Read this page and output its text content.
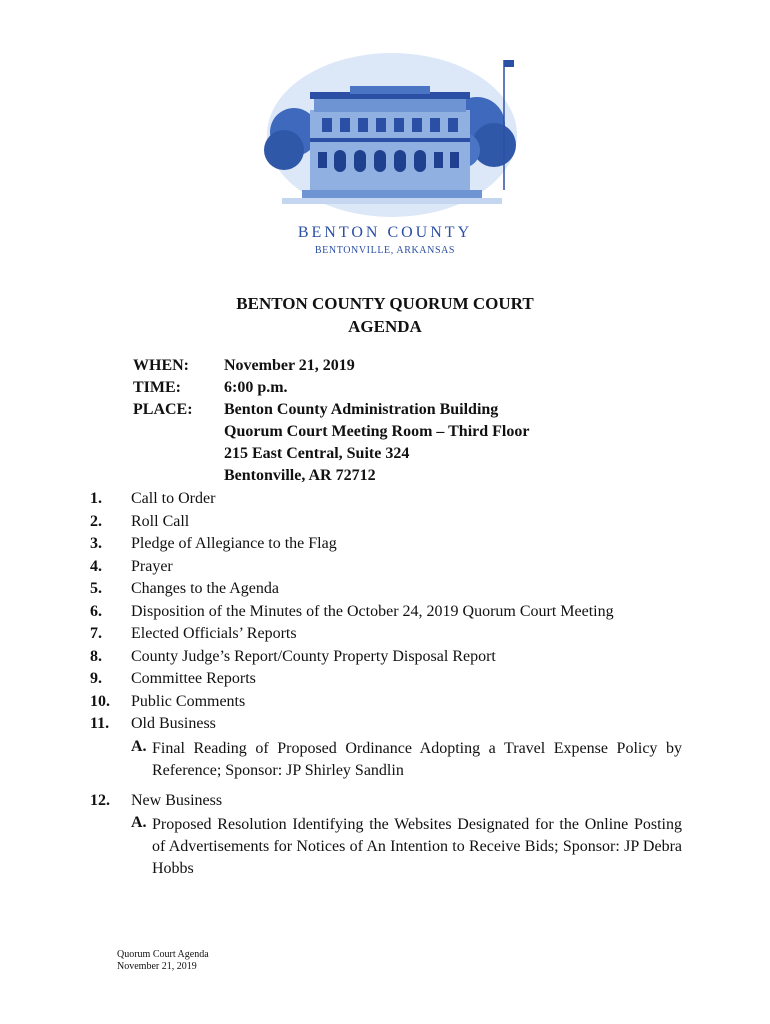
BENTON COUNTY
BENTONVILLE, ARKANSAS
BENTON COUNTY QUORUM COURT
AGENDA
WHEN:	November 21, 2019
TIME:	6:00 p.m.
PLACE:	Benton County Administration Building
Quorum Court Meeting Room – Third Floor
215 East Central, Suite 324
Bentonville, AR 72712
1.	Call to Order
2.	Roll Call
3.	Pledge of Allegiance to the Flag
4.	Prayer
5.	Changes to the Agenda
6.	Disposition of the Minutes of the October 24, 2019 Quorum Court Meeting
7.	Elected Officials’ Reports
8.	County Judge’s Report/County Property Disposal Report
9.	Committee Reports
10.	Public Comments
11.	Old Business
A. Final Reading of Proposed Ordinance Adopting a Travel Expense Policy by Reference; Sponsor: JP Shirley Sandlin
12.	New Business
A. Proposed Resolution Identifying the Websites Designated for the Online Posting of Advertisements for Notices of An Intention to Receive Bids; Sponsor: JP Debra Hobbs
Quorum Court Agenda
November 21, 2019
